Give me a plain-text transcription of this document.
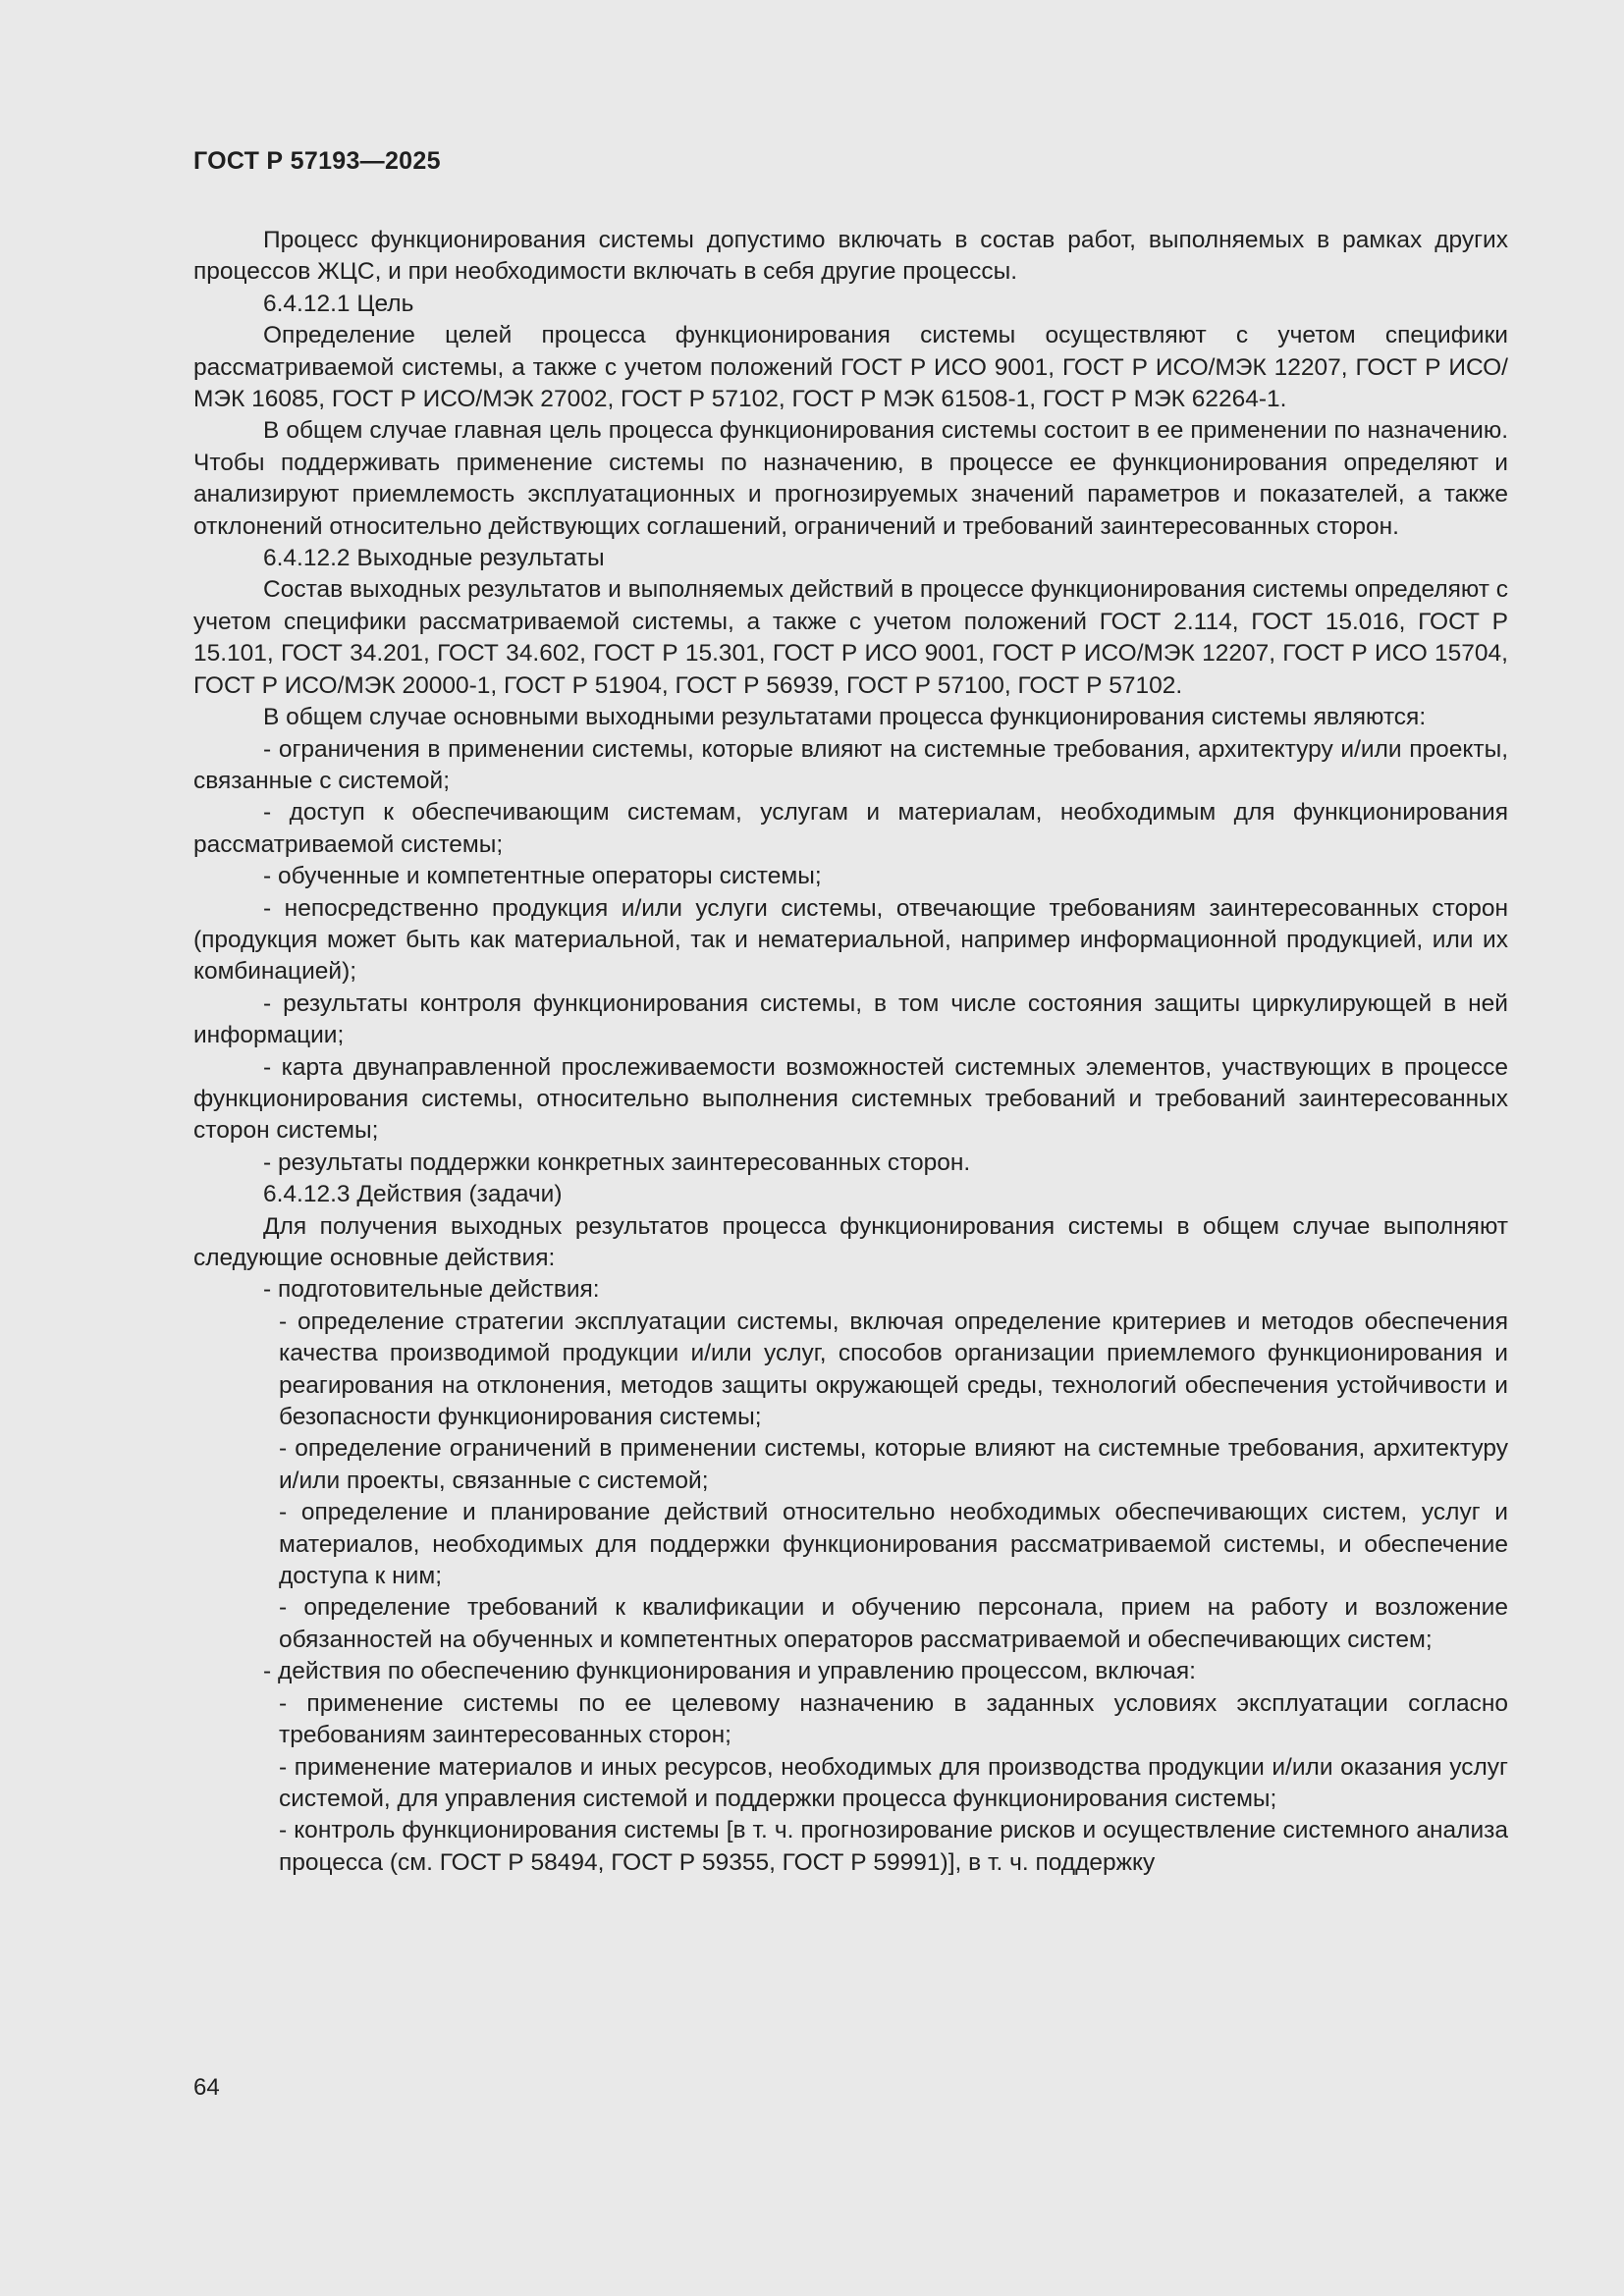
ГОСТ Р 57193—2025

Процесс функционирования системы допустимо включать в состав работ, выполняемых в рамках других процессов ЖЦС, и при необходимости включать в себя другие процессы.

6.4.12.1 Цель

Определение целей процесса функционирования системы осуществляют с учетом специфики рассматриваемой системы, а также с учетом положений ГОСТ Р ИСО 9001, ГОСТ Р ИСО/МЭК 12207, ГОСТ Р ИСО/МЭК 16085, ГОСТ Р ИСО/МЭК 27002, ГОСТ Р 57102, ГОСТ Р МЭК 61508-1, ГОСТ Р МЭК 62264-1.

В общем случае главная цель процесса функционирования системы состоит в ее применении по назначению. Чтобы поддерживать применение системы по назначению, в процессе ее функционирования определяют и анализируют приемлемость эксплуатационных и прогнозируемых значений параметров и показателей, а также отклонений относительно действующих соглашений, ограничений и требований заинтересованных сторон.

6.4.12.2 Выходные результаты

Состав выходных результатов и выполняемых действий в процессе функционирования системы определяют с учетом специфики рассматриваемой системы, а также с учетом положений ГОСТ 2.114, ГОСТ 15.016, ГОСТ Р 15.101, ГОСТ 34.201, ГОСТ 34.602, ГОСТ Р 15.301, ГОСТ Р ИСО 9001, ГОСТ Р ИСО/МЭК 12207, ГОСТ Р ИСО 15704, ГОСТ Р ИСО/МЭК 20000-1, ГОСТ Р 51904, ГОСТ Р 56939, ГОСТ Р 57100, ГОСТ Р 57102.

В общем случае основными выходными результатами процесса функционирования системы являются:

- ограничения в применении системы, которые влияют на системные требования, архитектуру и/или проекты, связанные с системой;

- доступ к обеспечивающим системам, услугам и материалам, необходимым для функционирования рассматриваемой системы;

- обученные и компетентные операторы системы;

- непосредственно продукция и/или услуги системы, отвечающие требованиям заинтересованных сторон (продукция может быть как материальной, так и нематериальной, например информационной продукцией, или их комбинацией);

- результаты контроля функционирования системы, в том числе состояния защиты циркулирующей в ней информации;

- карта двунаправленной прослеживаемости возможностей системных элементов, участвующих в процессе функционирования системы, относительно выполнения системных требований и требований заинтересованных сторон системы;

- результаты поддержки конкретных заинтересованных сторон.

6.4.12.3 Действия (задачи)

Для получения выходных результатов процесса функционирования системы в общем случае выполняют следующие основные действия:

- подготовительные действия:

- определение стратегии эксплуатации системы, включая определение критериев и методов обеспечения качества производимой продукции и/или услуг, способов организации приемлемого функционирования и реагирования на отклонения, методов защиты окружающей среды, технологий обеспечения устойчивости и безопасности функционирования системы;

- определение ограничений в применении системы, которые влияют на системные требования, архитектуру и/или проекты, связанные с системой;

- определение и планирование действий относительно необходимых обеспечивающих систем, услуг и материалов, необходимых для поддержки функционирования рассматриваемой системы, и обеспечение доступа к ним;

- определение требований к квалификации и обучению персонала, прием на работу и возложение обязанностей на обученных и компетентных операторов рассматриваемой и обеспечивающих систем;

- действия по обеспечению функционирования и управлению процессом, включая:

- применение системы по ее целевому назначению в заданных условиях эксплуатации согласно требованиям заинтересованных сторон;

- применение материалов и иных ресурсов, необходимых для производства продукции и/или оказания услуг системой, для управления системой и поддержки процесса функционирования системы;

- контроль функционирования системы [в т. ч. прогнозирование рисков и осуществление системного анализа процесса (см. ГОСТ Р 58494, ГОСТ Р 59355, ГОСТ Р 59991)], в т. ч. поддержку

64
